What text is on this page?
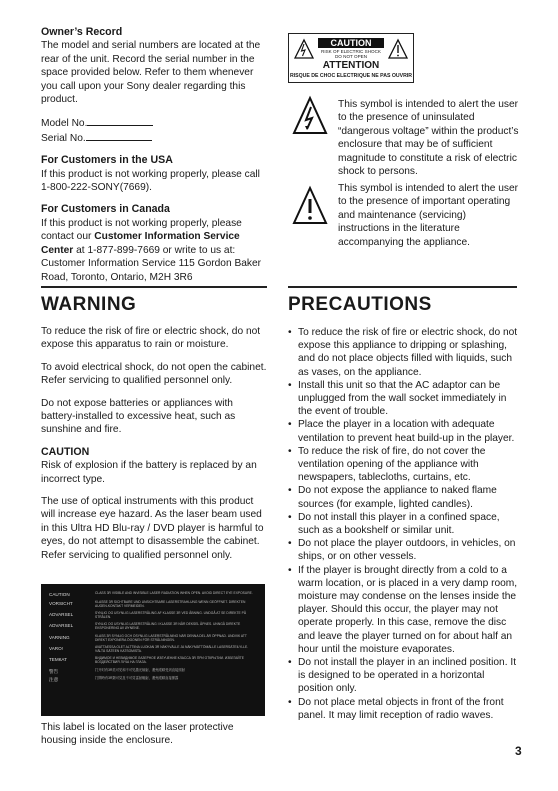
Owner’s Record

The model and serial numbers are located at the rear of the unit. Record the serial number in the space provided below. Refer to them whenever you call upon your Sony dealer regarding this product.

Model No.

Serial No.

For Customers in the USA

If this product is not working properly, please call 1-800-222-SONY(7669).

For Customers in Canada

If this product is not working properly, please contact our Customer Information Service Center at 1-877-899-7669 or write to us at: Customer Information Service 115 Gordon Baker Road, Toronto, Ontario, M2H 3R6

CAUTION
RISK OF ELECTRIC SHOCK
DO NOT OPEN
ATTENTION
RISQUE DE CHOC ELECTRIQUE NE PAS OUVRIR

This symbol is intended to alert the user to the presence of uninsulated “dangerous voltage” within the product’s enclosure that may be of sufficient magnitude to constitute a risk of electric shock to persons.

This symbol is intended to alert the user to the presence of important operating and maintenance (servicing) instructions in the literature accompanying the appliance.

WARNING

To reduce the risk of fire or electric shock, do not expose this apparatus to rain or moisture.

To avoid electrical shock, do not open the cabinet.

Refer servicing to qualified personnel only.

Do not expose batteries or appliances with battery-installed to excessive heat, such as sunshine and fire.

CAUTION

Risk of explosion if the battery is replaced by an incorrect type.

The use of optical instruments with this product will increase eye hazard. As the laser beam used in this Ultra HD Blu-ray / DVD player is harmful to eyes, do not attempt to disassemble the cabinet.

Refer servicing to qualified personnel only.

CAUTION	CLASS 3R VISIBLE AND INVISIBLE LASER RADIATION WHEN OPEN. AVOID DIRECT EYE EXPOSURE.
VORSICHT	KLASSE 3R SICHTBARE UND UNSICHTBARE LASERSTRAHLUNG WENN GEÖFFNET. DIREKTEN AUGEN-KONTAKT VERMEIDEN.
ADVARSEL	SYNLIG OG USYNLIG LASERSTRÅLING AF KLASSE 3R VED ÅBNING. UNDGÅ AT SE DIREKTE PÅ STRÅLEN.
ADVARSEL	SYNLIG OG USYNLIG LASERSTRÅLING I KLASSE 3R NÅR DEKSEL ÅPNES. UNNGÅ DIREKTE EKSPONERING AV ØYNENE.
VARNING	KLASS 3R SYNLIG OCH OSYNLIG LASERSTRÅLNING NÄR DENNA DEL ÄR ÖPPNAD. UNDVIK ATT DIREKT EXPONERA ÖGONEN FÖR STRÅLNINGEN.
VARO!	AVATTAESSA OLET ALTTIINA LUOKAN 3R NÄKYVÄLLE JA NÄKYMÄTTÖMÄLLE LASERSÄTEILYLLE. VÄLTÄ SÄTEEN KATSOMISTA.
ТЕМКАТ	ВИДИМОЕ И НЕВИДИМОЕ ЛАЗЕРНОЕ ИЗЛУЧЕНИЕ КЛАССА 3R ПРИ ОТКРЫТИИ. ИЗБЕГАЙТЕ ВОЗДЕЙСТВИЯ ЛУЧА НА ГЛАЗА.
警告	打开时有3R类可见和不可见激光辐射，避免眼睛受到直接照射
注意	打開時有3R類可見及不可見雷射輻射，避免眼睛直接暴露

This label is located on the laser protective housing inside the enclosure.

PRECAUTIONS

• To reduce the risk of fire or electric shock, do not expose this appliance to dripping or splashing, and do not place objects filled with liquids, such as vases, on the appliance.
• Install this unit so that the AC adaptor can be unplugged from the wall socket immediately in the event of trouble.
• Place the player in a location with adequate ventilation to prevent heat build-up in the player.
• To reduce the risk of fire, do not cover the ventilation opening of the appliance with newspapers, tablecloths, curtains, etc.
• Do not expose the appliance to naked flame sources (for example, lighted candles).
• Do not install this player in a confined space, such as a bookshelf or similar unit.
• Do not place the player outdoors, in vehicles, on ships, or on other vessels.
• If the player is brought directly from a cold to a warm location, or is placed in a very damp room, moisture may condense on the lenses inside the player. Should this occur, the player may not operate properly. In this case, remove the disc and leave the player turned on for about half an hour until the moisture evaporates.
• Do not install the player in an inclined position. It is designed to be operated in a horizontal position only.
• Do not place metal objects in front of the front panel. It may limit reception of radio waves.
3
